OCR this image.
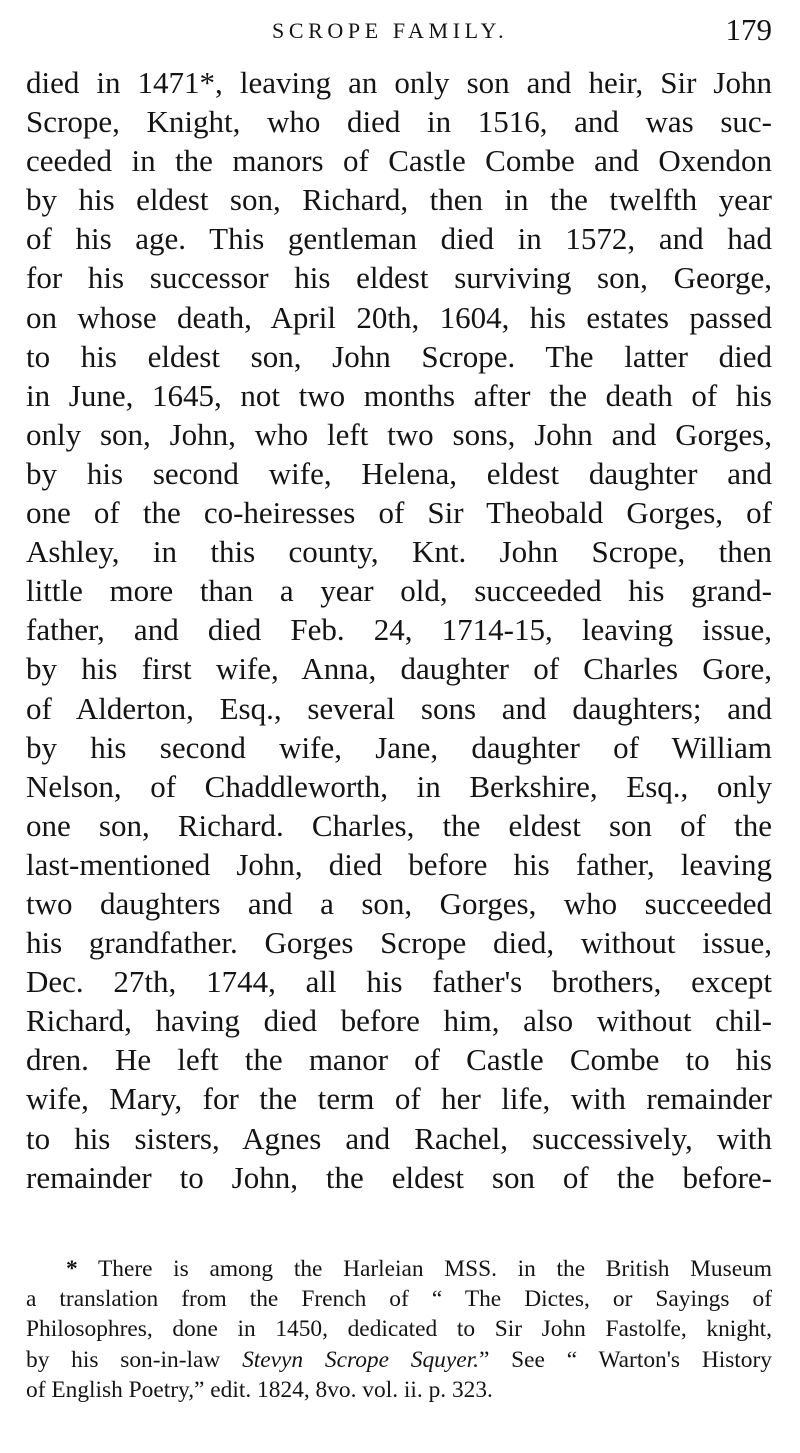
SCROPE FAMILY.	179
died in 1471*, leaving an only son and heir, Sir John
Scrope, Knight, who died in 1516, and was suc-
ceeded in the manors of Castle Combe and Oxendon
by his eldest son, Richard, then in the twelfth year
of his age. This gentleman died in 1572, and had
for his successor his eldest surviving son, George,
on whose death, April 20th, 1604, his estates passed
to his eldest son, John Scrope. The latter died
in June, 1645, not two months after the death of his
only son, John, who left two sons, John and Gorges,
by his second wife, Helena, eldest daughter and
one of the co-heiresses of Sir Theobald Gorges, of
Ashley, in this county, Knt. John Scrope, then
little more than a year old, succeeded his grand-
father, and died Feb. 24, 1714-15, leaving issue,
by his first wife, Anna, daughter of Charles Gore,
of Alderton, Esq., several sons and daughters; and
by his second wife, Jane, daughter of William
Nelson, of Chaddleworth, in Berkshire, Esq., only
one son, Richard. Charles, the eldest son of the
last-mentioned John, died before his father, leaving
two daughters and a son, Gorges, who succeeded
his grandfather. Gorges Scrope died, without issue,
Dec. 27th, 1744, all his father's brothers, except
Richard, having died before him, also without chil-
dren. He left the manor of Castle Combe to his
wife, Mary, for the term of her life, with remainder
to his sisters, Agnes and Rachel, successively, with
remainder to John, the eldest son of the before-
* There is among the Harleian MSS. in the British Museum
a translation from the French of “ The Dictes, or Sayings of
Philosophres, done in 1450, dedicated to Sir John Fastolfe, knight,
by his son-in-law Stevyn Scrope Squyer.” See “ Warton's History
of English Poetry,” edit. 1824, 8vo. vol. ii. p. 323.
